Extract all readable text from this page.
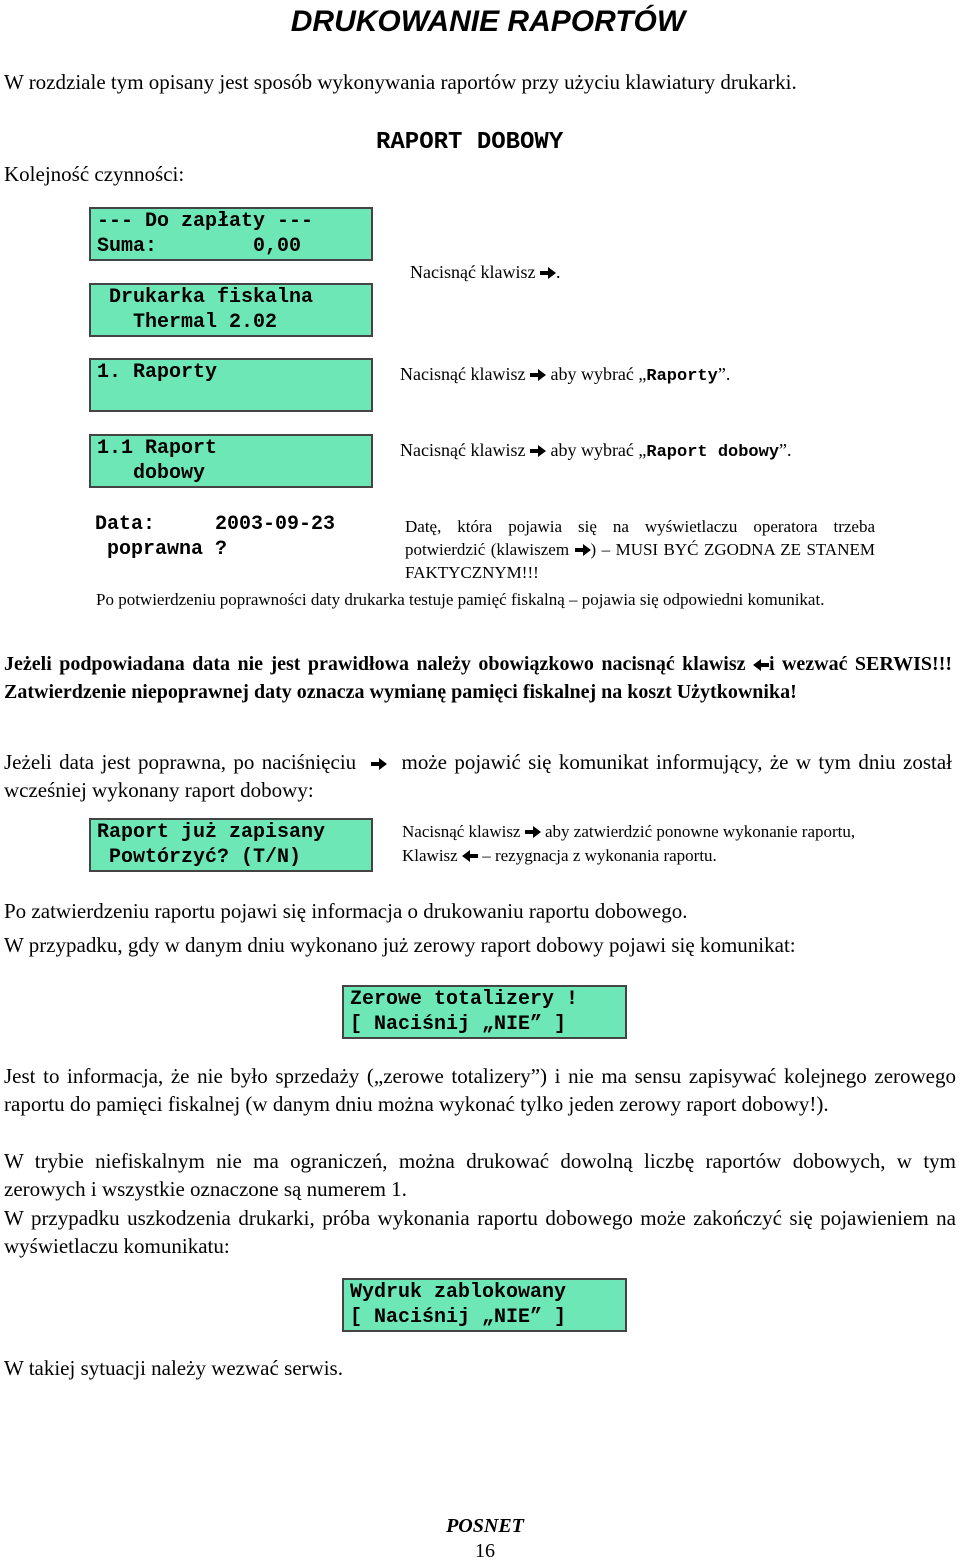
DRUKOWANIE RAPORTÓW
W rozdziale tym opisany jest sposób wykonywania raportów przy użyciu klawiatury drukarki.
Kolejność czynności:
RAPORT DOBOWY
--- Do zapłaty ---
Suma:        0,00
Drukarka fiskalna
Thermal 2.02
Nacisnąć klawisz .
1. Raporty	Nacisnąć klawisz aby wybrać „Raporty”.
1.1 Raport
dobowy
Nacisnąć klawisz aby wybrać „Raport dobowy”.
Data:     2003-09-23
poprawna ?
Datę, która pojawia się na wyświetlaczu operatora trzeba potwierdzić (klawiszem ) – MUSI BYĆ ZGODNA ZE STANEM FAKTYCZNYM!!!
Po potwierdzeniu poprawności daty drukarka testuje pamięć fiskalną – pojawia się odpowiedni komunikat.
Jeżeli podpowiadana data nie jest prawidłowa należy obowiązkowo nacisnąć klawisz i wezwać SERWIS!!! Zatwierdzenie niepoprawnej daty oznacza wymianę pamięci fiskalnej na koszt Użytkownika!
Jeżeli data jest poprawna, po naciśnięciu może pojawić się komunikat informujący, że w tym dniu został wcześniej wykonany raport dobowy:
Raport już zapisany
Powtórzyć? (T/N)
Nacisnąć klawisz aby zatwierdzić ponowne wykonanie raportu, Klawisz – rezygnacja z wykonania raportu.
Po zatwierdzeniu raportu pojawi się informacja o drukowaniu raportu dobowego.
W przypadku, gdy w danym dniu wykonano już zerowy raport dobowy pojawi się komunikat:
Zerowe totalizery !
[ Naciśnij „NIE” ]
Jest to informacja, że nie było sprzedaży („zerowe totalizery”) i nie ma sensu zapisywać kolejnego zerowego raportu do pamięci fiskalnej (w danym dniu można wykonać tylko jeden zerowy raport dobowy!).
W trybie niefiskalnym nie ma ograniczeń, można drukować dowolną liczbę raportów dobowych, w tym zerowych i wszystkie oznaczone są numerem 1.
W przypadku uszkodzenia drukarki, próba wykonania raportu dobowego może zakończyć się pojawieniem na wyświetlaczu komunikatu:
Wydruk zablokowany
[ Naciśnij „NIE” ]
W takiej sytuacji należy wezwać serwis.
POSNET
16
